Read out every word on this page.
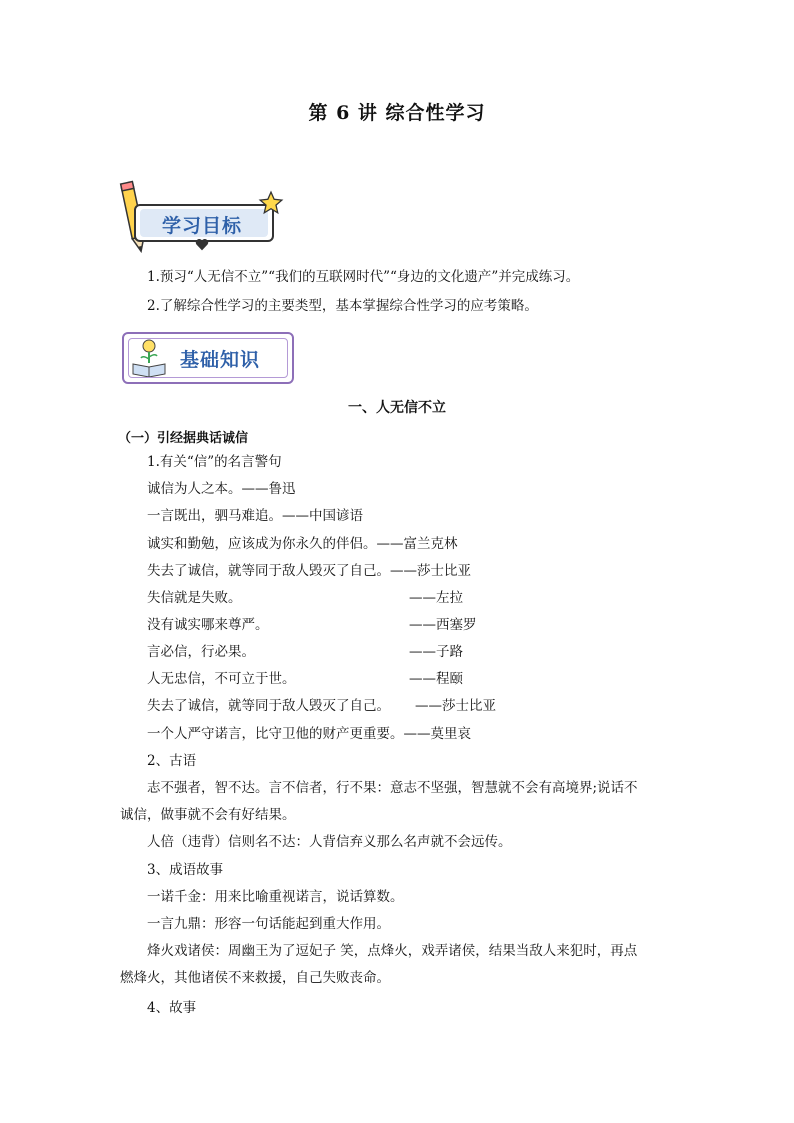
第 6 讲 综合性学习
学习目标
1.预习“人无信不立”“我们的互联网时代”“身边的文化遗产”并完成练习。
2.了解综合性学习的主要类型，基本掌握综合性学习的应考策略。
基础知识
一、人无信不立
（一）引经据典话诚信
1.有关“信”的名言警句
诚信为人之本。——鲁迅
一言既出，驷马难追。——中国谚语
诚实和勤勉，应该成为你永久的伴侣。——富兰克林
失去了诚信，就等同于敌人毁灭了自己。——莎士比亚
失信就是失败。	——左拉
没有诚实哪来尊严。	——西塞罗
言必信，行必果。	——子路
人无忠信，不可立于世。	——程颐
失去了诚信，就等同于敌人毁灭了自己。 ——莎士比亚
一个人严守诺言，比守卫他的财产更重要。——莫里哀
2、古语
志不强者，智不达。言不信者，行不果：意志不坚强，智慧就不会有高境界;说话不诚信，做事就不会有好结果。
人倍（违背）信则名不达：人背信弃义那么名声就不会远传。
3、成语故事
一诺千金：用来比喻重视诺言，说话算数。
一言九鼎：形容一句话能起到重大作用。
烽火戏诸侯：周幽王为了逗妃子 笑，点烽火，戏弄诸侯，结果当敌人来犯时，再点燃烽火，其他诸侯不来救援，自己失败丧命。
4、故事
